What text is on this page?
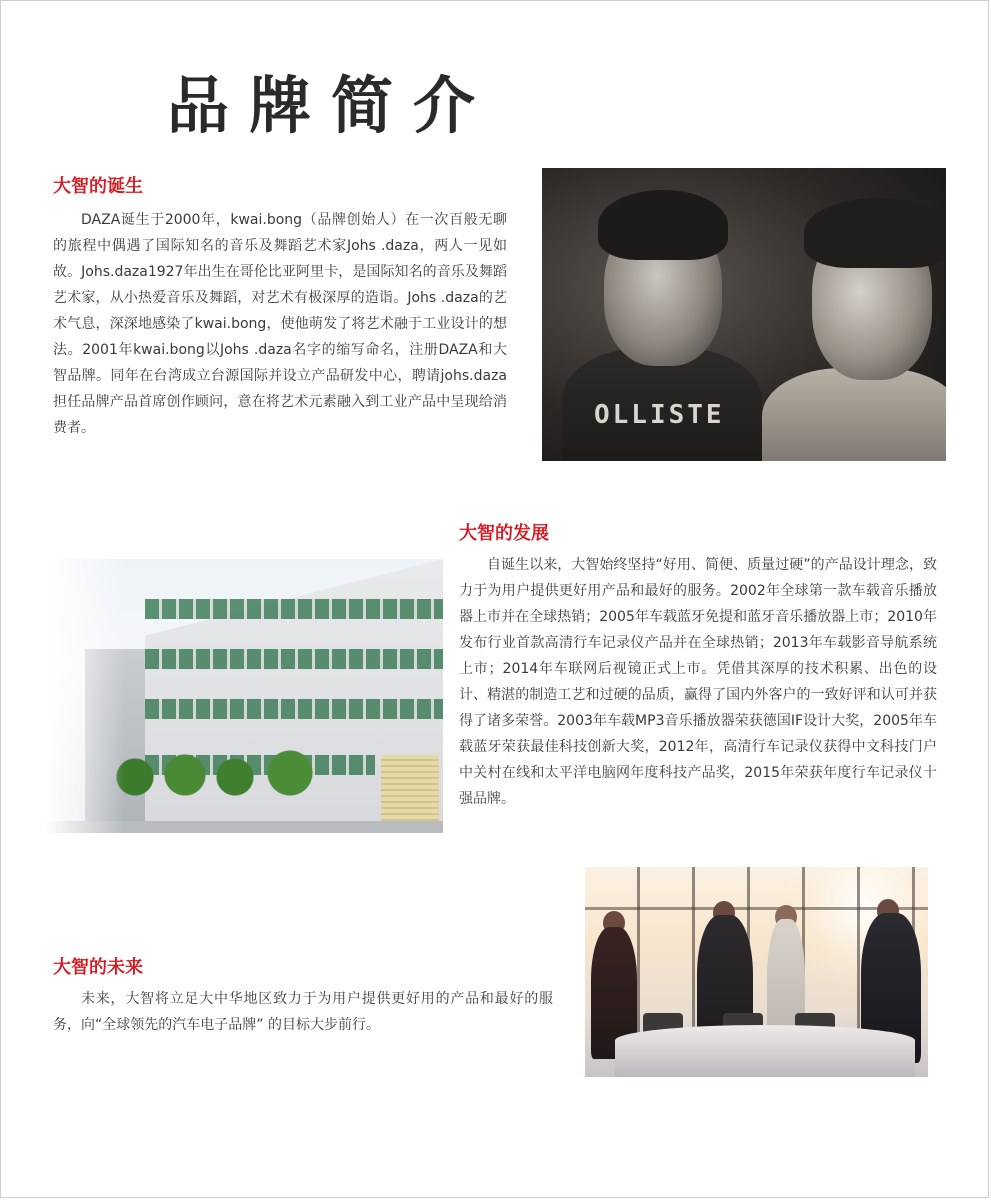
品牌简介
大智的诞生

DAZA诞生于2000年，kwai.bong（品牌创始人）在一次百般无聊的旅程中偶遇了国际知名的音乐及舞蹈艺术家Johs .daza，两人一见如故。Johs.daza1927年出生在哥伦比亚阿里卡，是国际知名的音乐及舞蹈艺术家，从小热爱音乐及舞蹈，对艺术有极深厚的造诣。Johs .daza的艺术气息，深深地感染了kwai.bong，使他萌发了将艺术融于工业设计的想法。2001年kwai.bong以Johs .daza名字的缩写命名，注册DAZA和大智品牌。同年在台湾成立台源国际并设立产品研发中心，聘请johs.daza担任品牌产品首席创作顾问，意在将艺术元素融入到工业产品中呈现给消费者。	OLLISTE
大智的发展

自诞生以来，大智始终坚持“好用、简便、质量过硬”的产品设计理念，致力于为用户提供更好用产品和最好的服务。2002年全球第一款车载音乐播放器上市并在全球热销；2005年车载蓝牙免提和蓝牙音乐播放器上市；2010年发布行业首款高清行车记录仪产品并在全球热销；2013年车载影音导航系统上市；2014年车联网后视镜正式上市。凭借其深厚的技术积累、出色的设计、精湛的制造工艺和过硬的品质，赢得了国内外客户的一致好评和认可并获得了诸多荣誉。2003年车载MP3音乐播放器荣获德国IF设计大奖，2005年车载蓝牙荣获最佳科技创新大奖，2012年，高清行车记录仪获得中文科技门户中关村在线和太平洋电脑网年度科技产品奖，2015年荣获年度行车记录仪十强品牌。

大智的未来

未来，大智将立足大中华地区致力于为用户提供更好用的产品和最好的服务，向“全球领先的汽车电子品牌” 的目标大步前行。
